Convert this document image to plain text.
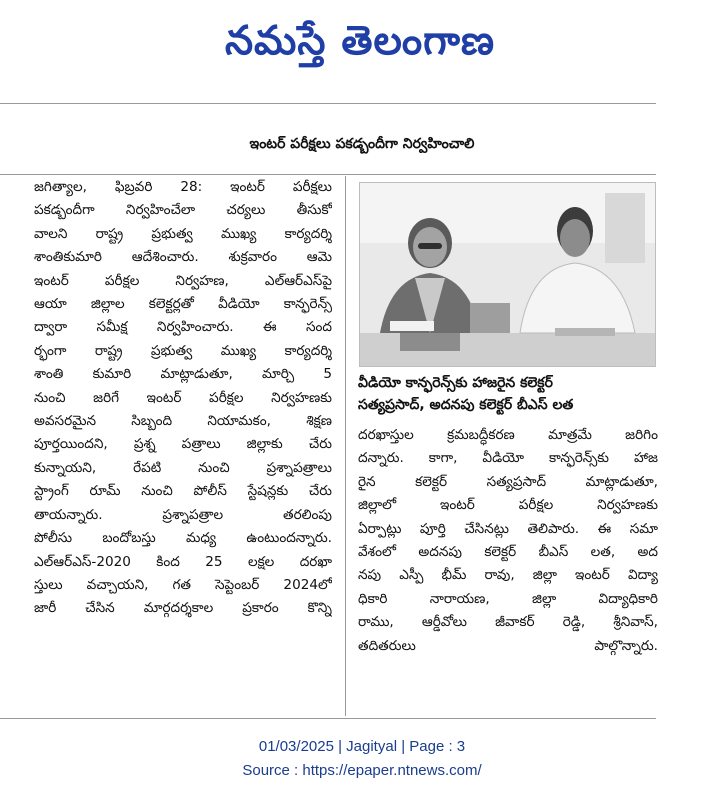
నమస్తే తెలంగాణ
ఇంటర్ పరీక్షలు పకడ్బందీగా నిర్వహించాలి
జగిత్యాల, ఫిబ్రవరి 28: ఇంటర్ పరీక్షలు
పకడ్బందీగా నిర్వహించేలా చర్యలు తీసుకో
వాలని రాష్ట్ర ప్రభుత్వ ముఖ్య కార్యదర్శి
శాంతికుమారి ఆదేశించారు. శుక్రవారం ఆమె
ఇంటర్ పరీక్షల నిర్వహణ, ఎల్ఆర్ఎస్‌పై
ఆయా జిల్లాల కలెక్టర్లతో వీడియో కాన్ఫరెన్స్
ద్వారా సమీక్ష నిర్వహించారు. ఈ సంద
ర్భంగా రాష్ట్ర ప్రభుత్వ ముఖ్య కార్యదర్శి
శాంతి కుమారి మాట్లాడుతూ, మార్చి 5
నుంచి జరిగే ఇంటర్ పరీక్షల నిర్వహణకు
అవసరమైన సిబ్బంది నియామకం, శిక్షణ
పూర్తయిందని, ప్రశ్న పత్రాలు జిల్లాకు చేరు
కున్నాయని, రేపటి నుంచి ప్రశ్నాపత్రాలు
స్ట్రాంగ్ రూమ్ నుంచి పోలీస్ స్టేషన్లకు చేరు
తాయన్నారు. ప్రశ్నాపత్రాల తరలింపు
పోలీసు బందోబస్తు మధ్య ఉంటుందన్నారు.
ఎల్ఆర్ఎస్-2020 కింద 25 లక్షల దరఖా
స్తులు వచ్చాయని, గత సెప్టెంబర్ 2024లో
జారీ చేసిన మార్గదర్శకాల ప్రకారం కొన్ని
వీడియో కాన్ఫరెన్స్‌కు హాజరైన కలెక్టర్
సత్యప్రసాద్, అదనపు కలెక్టర్ బీఎస్ లత
దరఖాస్తుల క్రమబద్ధీకరణ మాత్రమే జరిగిం
దన్నారు. కాగా, వీడియో కాన్ఫరెన్స్‌కు హాజ
రైన కలెక్టర్ సత్యప్రసాద్ మాట్లాడుతూ,
జిల్లాలో ఇంటర్ పరీక్షల నిర్వహణకు
ఏర్పాట్లు పూర్తి చేసినట్లు తెలిపారు. ఈ సమా
వేశంలో అదనపు కలెక్టర్ బీఎస్ లత, అద
నపు ఎస్పీ భీమ్ రావు, జిల్లా ఇంటర్ విద్యా
ధికారి నారాయణ, జిల్లా విద్యాధికారి
రాము, ఆర్డీవోలు జీవాకర్ రెడ్డి, శ్రీనివాస్,
తదితరులు పాల్గొన్నారు.
01/03/2025 | Jagityal | Page : 3
Source : https://epaper.ntnews.com/
